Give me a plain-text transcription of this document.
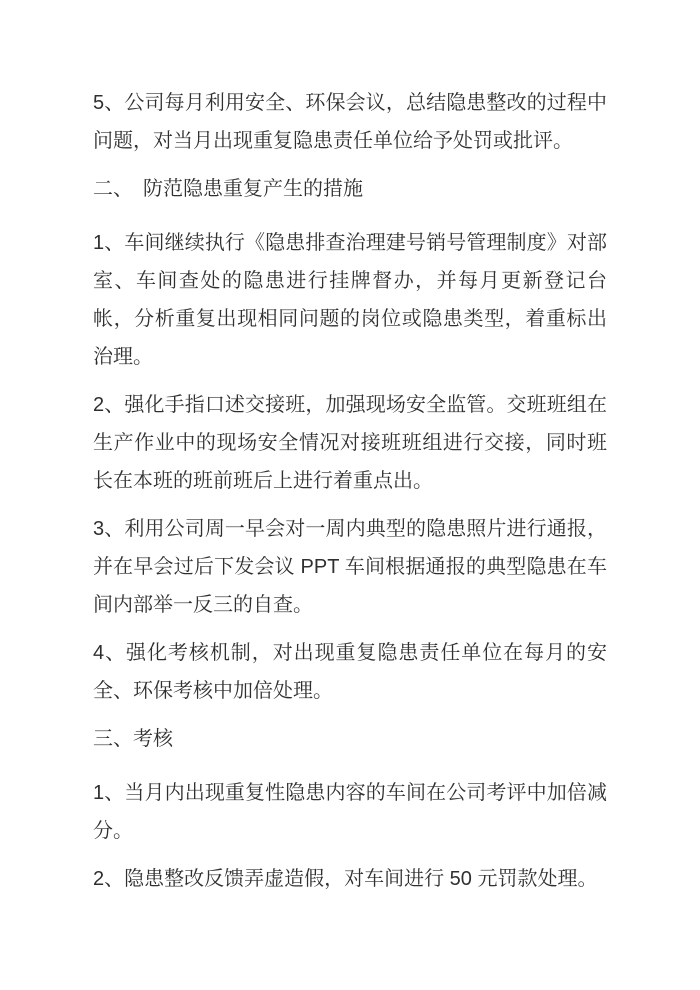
5、公司每月利用安全、环保会议，总结隐患整改的过程中问题，对当月出现重复隐患责任单位给予处罚或批评。

二、　防范隐患重复产生的措施

1、车间继续执行《隐患排查治理建号销号管理制度》对部室、车间查处的隐患进行挂牌督办，并每月更新登记台帐，分析重复出现相同问题的岗位或隐患类型，着重标出治理。

2、强化手指口述交接班，加强现场安全监管。交班班组在生产作业中的现场安全情况对接班班组进行交接，同时班长在本班的班前班后上进行着重点出。

3、利用公司周一早会对一周内典型的隐患照片进行通报，并在早会过后下发会议 PPT 车间根据通报的典型隐患在车间内部举一反三的自查。

4、强化考核机制，对出现重复隐患责任单位在每月的安全、环保考核中加倍处理。

三、考核

1、当月内出现重复性隐患内容的车间在公司考评中加倍减分。

2、隐患整改反馈弄虚造假，对车间进行 50 元罚款处理。
